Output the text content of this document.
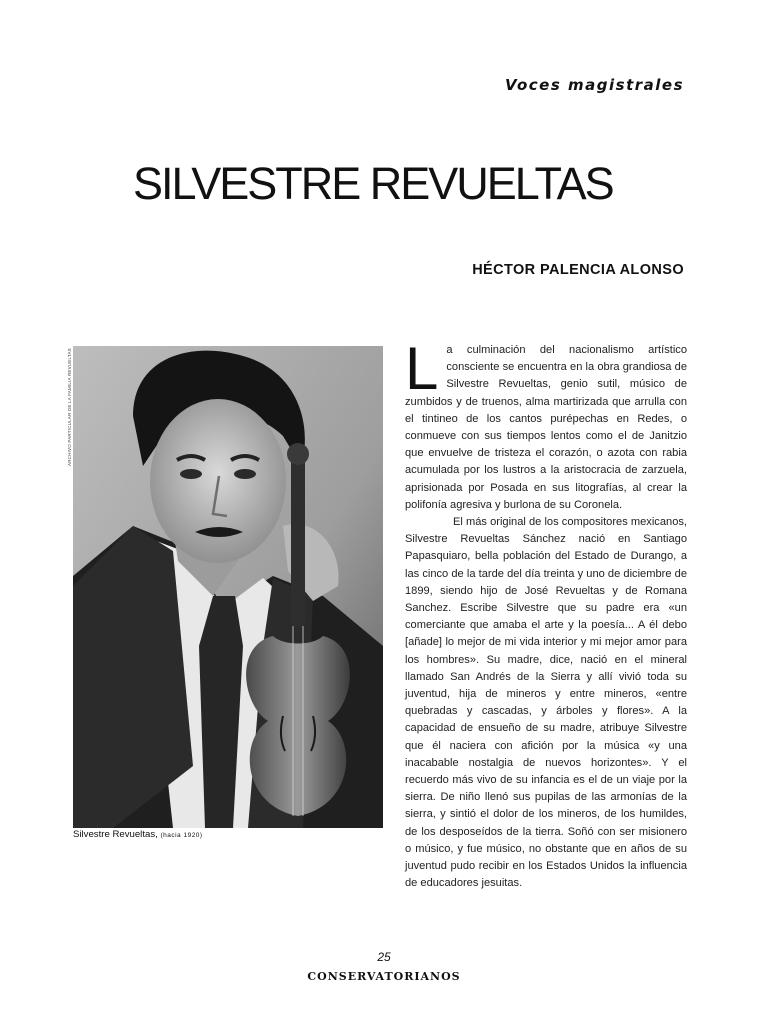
Voces magistrales
SILVESTRE REVUELTAS
HÉCTOR PALENCIA ALONSO
ARCHIVO PARTICULAR DE LA FAMILIA REVUELTAS
Silvestre Revueltas, (hacia 1920)

La culminación del nacionalismo artístico consciente se encuentra en la obra grandiosa de Silvestre Revueltas, genio sutil, músico de zumbidos y de truenos, alma martirizada que arrulla con el tintineo de los cantos purépechas en Redes, o conmueve con sus tiempos lentos como el de Janitzio que envuelve de tristeza el corazón, o azota con rabia acumulada por los lustros a la aristocracia de zarzuela, aprisionada por Posada en sus litografías, al crear la polifonía agresiva y burlona de su Coronela.

El más original de los compositores mexicanos, Silvestre Revueltas Sánchez nació en Santiago Papasquiaro, bella población del Estado de Durango, a las cinco de la tarde del día treinta y uno de diciembre de 1899, siendo hijo de José Revueltas y de Romana Sanchez. Escribe Silvestre que su padre era «un comerciante que amaba el arte y la poesía... A él debo [añade] lo mejor de mi vida interior y mi mejor amor para los hombres». Su madre, dice, nació en el mineral llamado San Andrés de la Sierra y allí vivió toda su juventud, hija de mineros y entre mineros, «entre quebradas y cascadas, y árboles y flores». A la capacidad de ensueño de su madre, atribuye Silvestre que él naciera con afición por la música «y una inacabable nostalgia de nuevos horizontes». Y el recuerdo más vivo de su infancia es el de un viaje por la sierra. De niño llenó sus pupilas de las armonías de la sierra, y sintió el dolor de los mineros, de los humildes, de los desposeídos de la tierra. Soñó con ser misionero o músico, y fue músico, no obstante que en años de su juventud pudo recibir en los Estados Unidos la influencia de educadores jesuitas.

25
CONSERVATORIANOS
